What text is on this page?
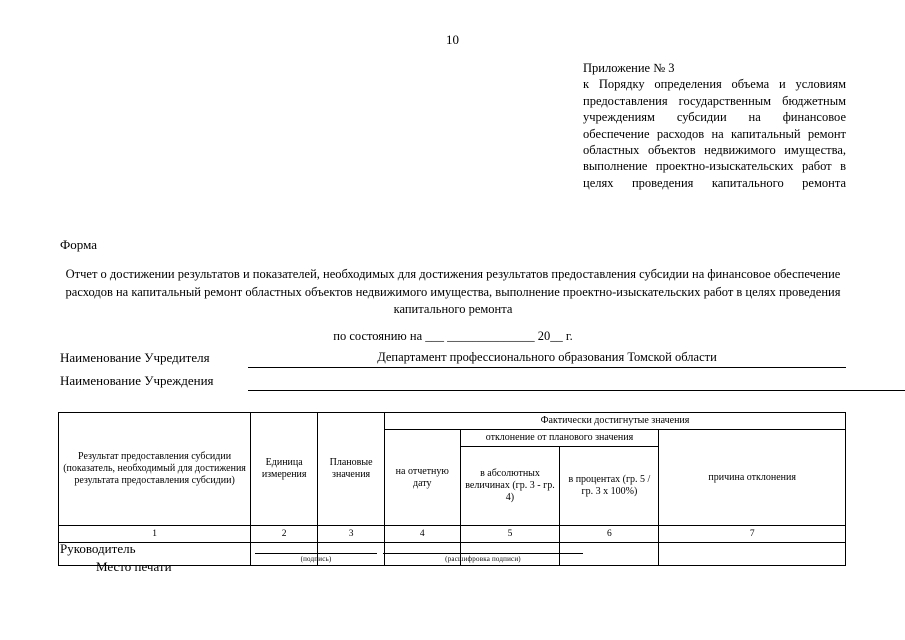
10
Приложение № 3
к Порядку определения объема и условиям предоставления государственным бюджетным учреждениям субсидии на финансовое обеспечение расходов на капитальный ремонт областных объектов недвижимого имущества, выполнение проектно-изыскательских работ в целях проведения капитального ремонта
Форма
Отчет о достижении результатов и показателей, необходимых для достижения результатов предоставления субсидии на финансовое обеспечение расходов на капитальный ремонт областных объектов недвижимого имущества, выполнение проектно-изыскательских работ в целях проведения капитального ремонта
по состоянию на ___ ______________ 20__ г.
Наименование Учредителя	Департамент профессионального образования Томской области
Наименование Учреждения
Результат предоставления субсидии (показатель, необходимый для достижения результата предоставления субсидии)	Единица измерения	Плановые значения	Фактически достигнутые значения			
			на отчетную дату	отклонение от планового значения		причина отклонения
				в абсолютных величинах (гр. 3 - гр. 4)	в процентах (гр. 5 / гр. 3 х 100%)	
1	2	3	4	5	6	7

Руководитель
Место печати	(подпись)	(расшифровка подписи)
